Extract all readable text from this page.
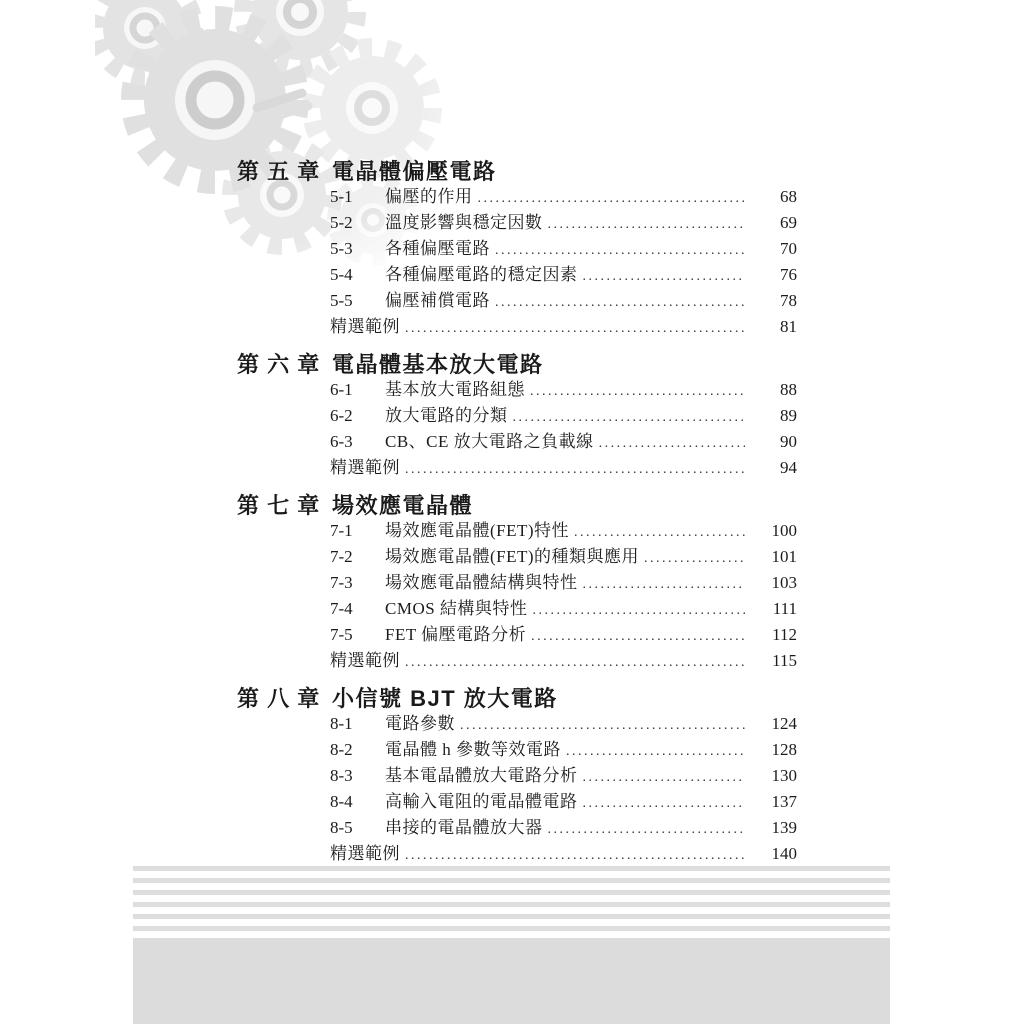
第 五 章 電晶體偏壓電路
5-1	偏壓的作用 .....	68
5-2	溫度影響與穩定因數 .....	69
5-3	各種偏壓電路 .....	70
5-4	各種偏壓電路的穩定因素 .....	76
5-5	偏壓補償電路 .....	78
精選範例 .....	81
第 六 章 電晶體基本放大電路
6-1	基本放大電路組態 .....	88
6-2	放大電路的分類 .....	89
6-3	CB、CE 放大電路之負載線 .....	90
精選範例 .....	94
第 七 章 場效應電晶體
7-1	場效應電晶體(FET)特性 .....	100
7-2	場效應電晶體(FET)的種類與應用 .....	101
7-3	場效應電晶體結構與特性 .....	103
7-4	CMOS 結構與特性 .....	111
7-5	FET 偏壓電路分析 .....	112
精選範例 .....	115
第 八 章 小信號 BJT 放大電路
8-1	電路參數 .....	124
8-2	電晶體 h 參數等效電路 .....	128
8-3	基本電晶體放大電路分析 .....	130
8-4	高輸入電阻的電晶體電路 .....	137
8-5	串接的電晶體放大器 .....	139
精選範例 .....	140
